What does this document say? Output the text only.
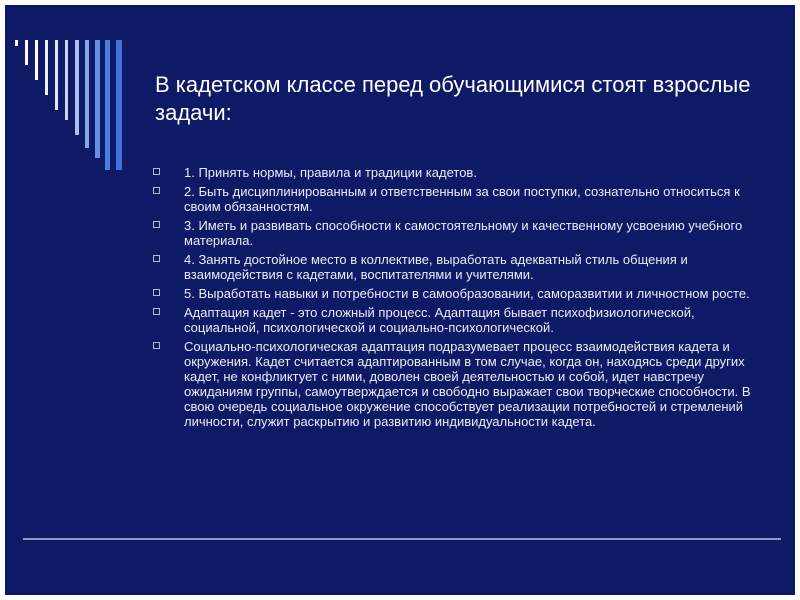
В кадетском классе перед обучающимися стоят взрослые задачи:
1. Принять нормы, правила и традиции кадетов.
2. Быть дисциплинированным и ответственным за свои поступки, сознательно относиться к своим обязанностям.
3. Иметь и развивать способности к самостоятельному и качественному усвоению учебного материала.
4. Занять достойное место в коллективе, выработать адекватный стиль общения и взаимодействия с кадетами, воспитателями и учителями.
5. Выработать навыки и потребности в самообразовании, саморазвитии и личностном росте.
Адаптация кадет - это сложный процесс. Адаптация бывает психофизиологической, социальной, психологической и социально-психологической.
Социально-психологическая адаптация подразумевает процесс взаимодействия кадета и окружения. Кадет считается адаптированным в том случае, когда он, находясь среди других кадет, не конфликтует с ними, доволен своей деятельностью и собой, идет навстречу ожиданиям группы, самоутверждается и свободно выражает свои творческие способности. В свою очередь социальное окружение способствует реализации потребностей и стремлений личности, служит раскрытию и развитию индивидуальности кадета.
